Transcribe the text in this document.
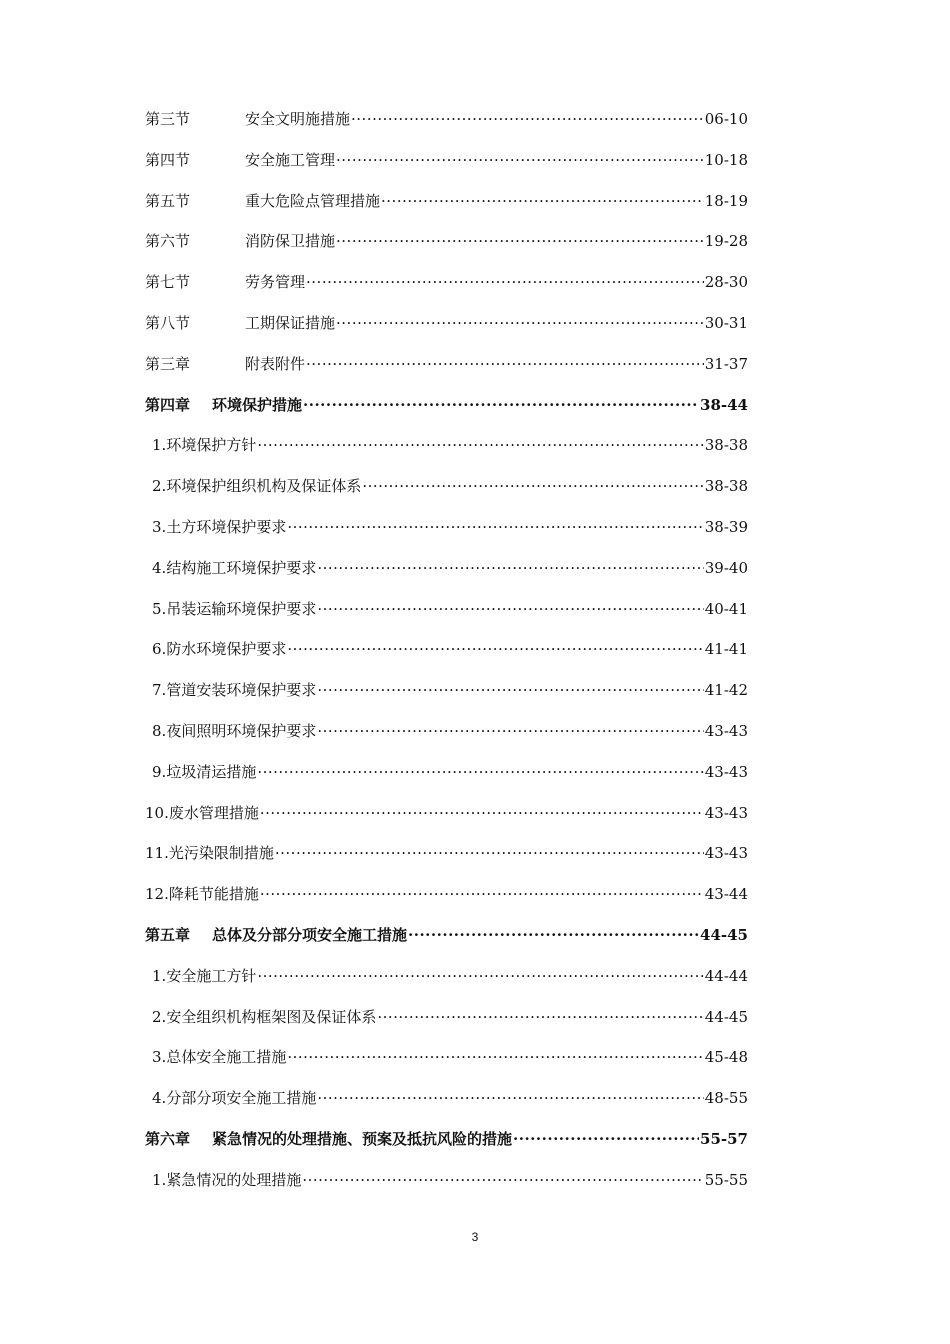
第三节	安全文明施措施 ·····	06-10
第四节	安全施工管理 ·····	10-18
第五节	重大危险点管理措施 ·····	18-19
第六节	消防保卫措施 ·····	19-28
第七节	劳务管理 ·····	28-30
第八节	工期保证措施 ·····	30-31
第三章	附表附件 ·····	31-37
第四章	环境保护措施 ·····	38-44
1. 环境保护方针 ·····	38-38
2. 环境保护组织机构及保证体系 ·····	38-38
3. 土方环境保护要求 ·····	38-39
4. 结构施工环境保护要求 ·····	39-40
5. 吊装运输环境保护要求 ·····	40-41
6. 防水环境保护要求 ·····	41-41
7. 管道安装环境保护要求 ·····	41-42
8. 夜间照明环境保护要求 ·····	43-43
9. 垃圾清运措施 ·····	43-43
10. 废水管理措施 ·····	43-43
11. 光污染限制措施 ·····	43-43
12. 降耗节能措施 ·····	43-44
第五章	总体及分部分项安全施工措施 ·····	44-45
1. 安全施工方针 ·····	44-44
2. 安全组织机构框架图及保证体系 ·····	44-45
3. 总体安全施工措施 ·····	45-48
4. 分部分项安全施工措施 ·····	48-55
第六章	紧急情况的处理措施、预案及抵抗风险的措施 ·····	55-57
1. 紧急情况的处理措施 ·····	55-55
3
